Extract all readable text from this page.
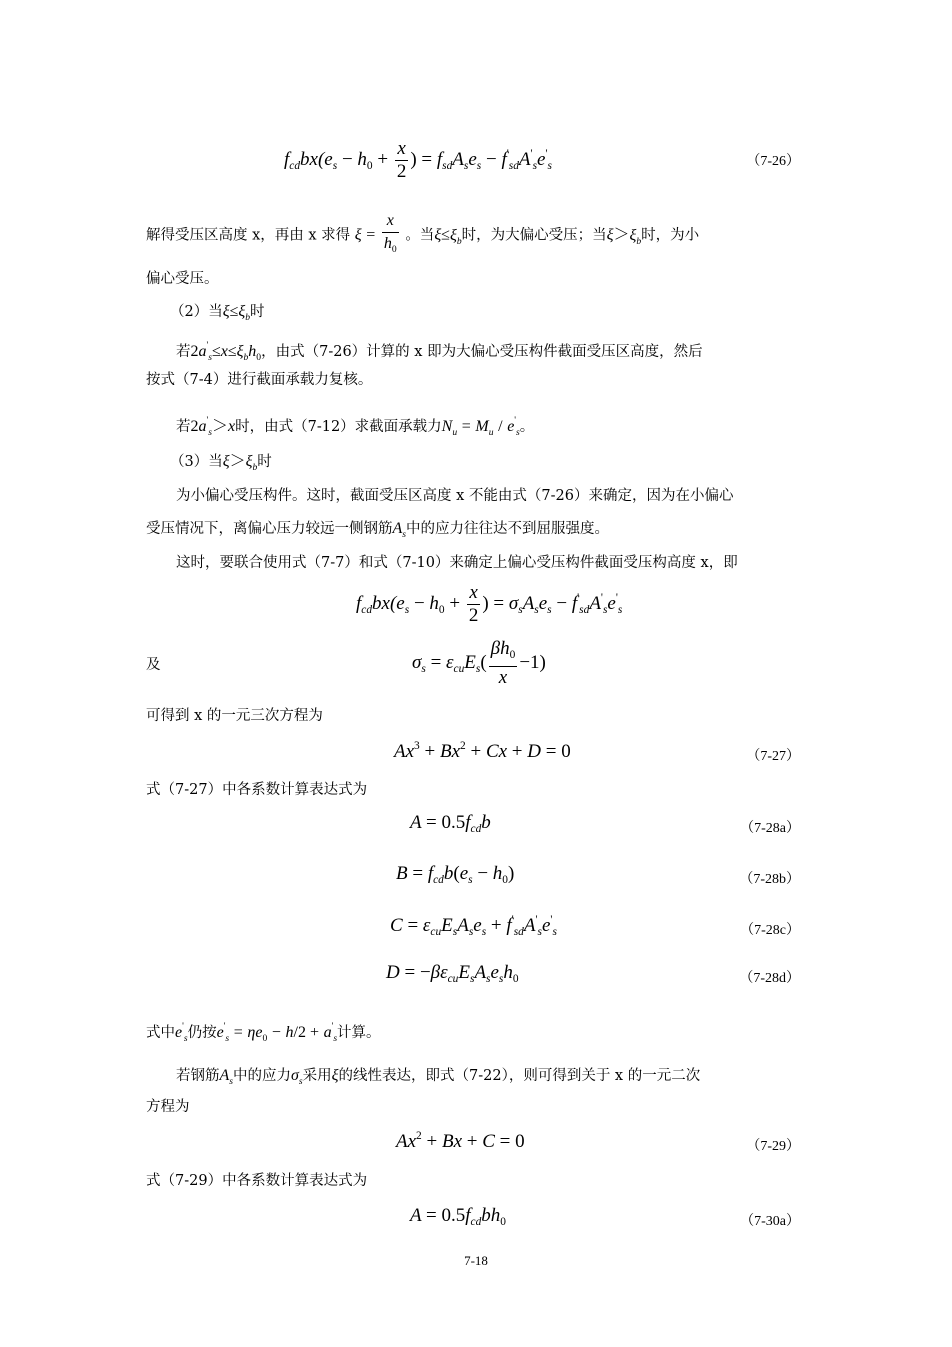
$f_{cd}bx(e_s - h_0 + \frac{x}{2}$ ) = $f_{sd}A_se_s - f'_{sd}A'_se'_s$	（7-26）
解得受压区高度 x，再由 x 求得 $\xi = \frac{x}{h_0}$ 。当$\xi\le\xi_b$时，为大偏心受压；当$\xi>\xi_b$时，为小
偏心受压。
（2）当$\xi\le\xi_b$时
若$2a'_s\le x\le\xi_bh_0$，由式（7-26）计算的 x 即为大偏心受压构件截面受压区高度，然后
按式（7-4）进行截面承载力复核。
若$2a'_s>x$时，由式（7-12）求截面承载力$N_u = M_u / e'_s$。
（3）当$\xi>\xi_b$时
为小偏心受压构件。这时，截面受压区高度 x 不能由式（7-26）来确定，因为在小偏心
受压情况下，离偏心压力较远一侧钢筋$A_s$中的应力往往达不到屈服强度。
这时，要联合使用式（7-7）和式（7-10）来确定上偏心受压构件截面受压构高度 x，即
$f_{cd}bx(e_s - h_0 + \frac{x}{2}$ ) = $\sigma_sA_se_s - f'_{sd}A'_se'_s$
及	$\sigma_s = \varepsilon_{cu}E_s( \frac{\beta h_0}{x} -1)$
可得到 x 的一元三次方程为
$Ax^3 + Bx^2 + Cx + D = 0$	（7-27）
式（7-27）中各系数计算表达式为
$A = 0.5f_{cd}b$	（7-28a）
$B = f_{cd}b(e_s - h_0)$	（7-28b）
$C = \varepsilon_{cu}E_sA_se_s + f'_{sd}A'_se'_s$	（7-28c）
$D = -\beta\varepsilon_{cu}E_sA_se_sh_0$	（7-28d）
式中$e'_s$仍按$e'_s = \eta e_0 - h/2 + a'_s$计算。
若钢筋$A_s$中的应力$\sigma_s$采用ξ的线性表达，即式（7-22），则可得到关于 x 的一元二次
方程为
$Ax^2 + Bx + C = 0$	（7-29）
式（7-29）中各系数计算表达式为
$A = 0.5f_{cd}bh_0$	（7-30a）
7-18
